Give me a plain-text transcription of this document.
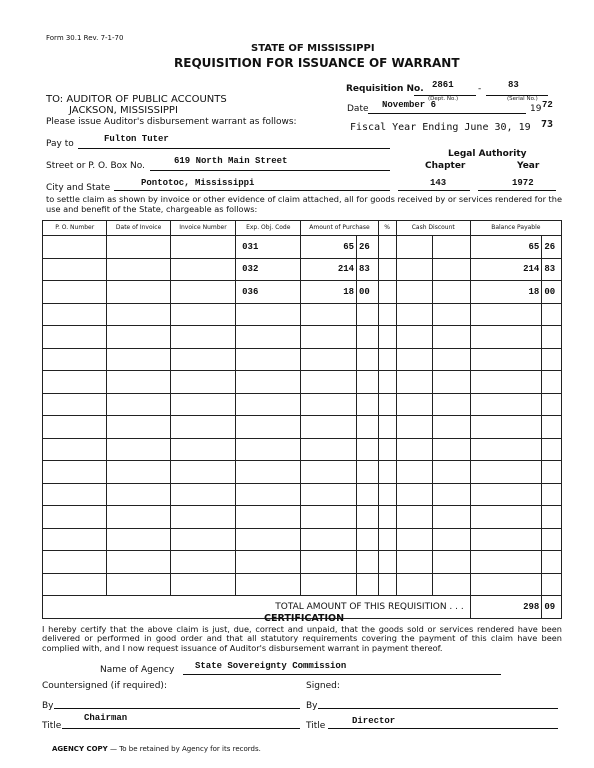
Form 30.1 Rev. 7-1-70
STATE OF MISSISSIPPI
REQUISITION FOR ISSUANCE OF WARRANT
Requisition No. 2861
(Dept. No.)
-	83
(Serial No.)
TO: AUDITOR OF PUBLIC ACCOUNTS
JACKSON, MISSISSIPPI	Date November 6	19 72
Please issue Auditor's disbursement warrant as follows:	Fiscal Year Ending June 30, 19 73
Pay to	Fulton Tuter
Legal Authority
Chapter	Year
Street or P. O. Box No.	619 North Main Street
City and State	Pontotoc, Mississippi	143	1972
to settle claim as shown by invoice or other evidence of claim attached, all for goods received by or services rendered for the use and benefit of the State, chargeable as follows:
P. O. Number	Date of Invoice	Invoice Number	Exp. Obj. Code	Amount of Purchase		%	Cash Discount		Balance Payable	
			031	65	26				65	26
			032	214	83				214	83
			036	18	00				18	00

TOTAL AMOUNT OF THIS REQUISITION . . .									298	09
CERTIFICATION
I hereby certify that the above claim is just, due, correct and unpaid, that the goods sold or services rendered have been delivered or performed in good order and that all statutory requirements covering the payment of this claim have been complied with, and I now request issuance of Auditor's disbursement warrant in payment thereof.
Name of Agency State Sovereignty Commission
Countersigned (if required):	Signed:
By	By
Title
Chairman
Title	Director
AGENCY COPY — To be retained by Agency for its records.
